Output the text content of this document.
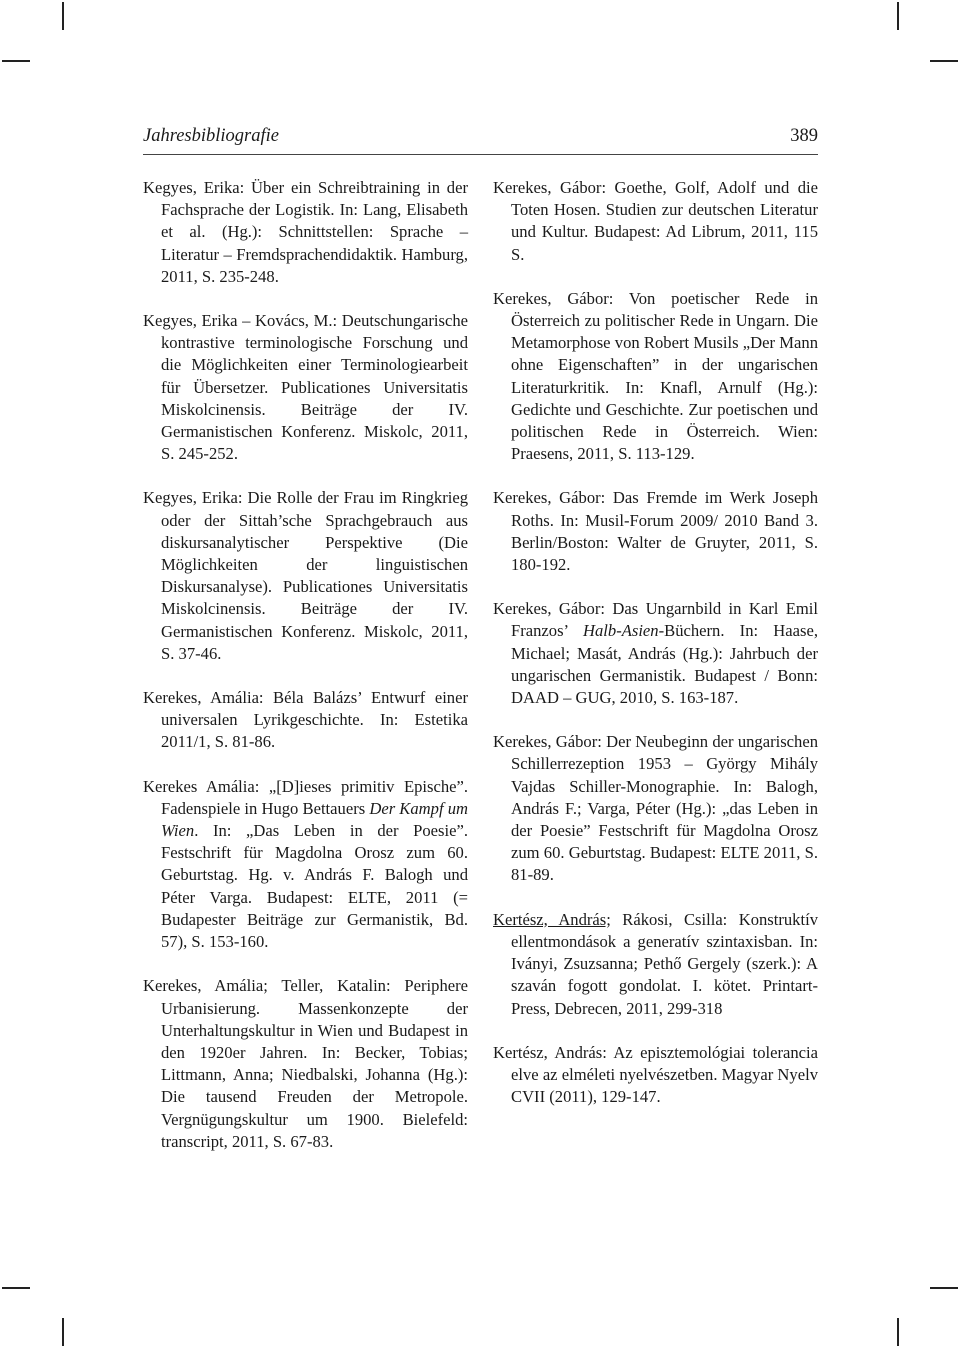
Jahresbibliografie	389

Kegyes, Erika: Über ein Schreibtraining in der Fachsprache der Logistik. In: Lang, Elisabeth et al. (Hg.): Schnittstellen: Sprache – Literatur – Fremdsprachendidaktik. Hamburg, 2011, S. 235-248.

Kegyes, Erika – Kovács, M.: Deutschungarische kontrastive terminologische Forschung und die Möglichkeiten einer Terminologiearbeit für Übersetzer. Publicationes Universitatis Miskolcinensis. Beiträge der IV. Germanistischen Konferenz. Miskolc, 2011, S. 245-252.

Kegyes, Erika: Die Rolle der Frau im Ringkrieg oder der Sittah’sche Sprachgebrauch aus diskursanalytischer Perspektive (Die Möglichkeiten der linguistischen Diskursanalyse). Publicationes Universitatis Miskolcinensis. Beiträge der IV. Germanistischen Konferenz. Miskolc, 2011, S. 37-46.

Kerekes, Amália: Béla Balázs’ Entwurf einer universalen Lyrikgeschichte. In: Estetika 2011/1, S. 81-86.

Kerekes Amália: „[D]ieses primitiv Epische”. Fadenspiele in Hugo Bettauers Der Kampf um Wien. In: „Das Leben in der Poesie”. Festschrift für Magdolna Orosz zum 60. Geburtstag. Hg. v. András F. Balogh und Péter Varga. Budapest: ELTE, 2011 (= Budapester Beiträge zur Germanistik, Bd. 57), S. 153-160.

Kerekes, Amália; Teller, Katalin: Periphere Urbanisierung. Massenkonzepte der Unterhaltungskultur in Wien und Budapest in den 1920er Jahren. In: Becker, Tobias; Littmann, Anna; Niedbalski, Johanna (Hg.): Die tausend Freuden der Metropole. Vergnügungskultur um 1900. Bielefeld: transcript, 2011, S. 67-83.

Kerekes, Gábor: Goethe, Golf, Adolf und die Toten Hosen. Studien zur deutschen Literatur und Kultur. Budapest: Ad Librum, 2011, 115 S.

Kerekes, Gábor: Von poetischer Rede in Österreich zu politischer Rede in Ungarn. Die Metamorphose von Robert Musils „Der Mann ohne Eigenschaften” in der ungarischen Literaturkritik. In: Knafl, Arnulf (Hg.): Gedichte und Geschichte. Zur poetischen und politischen Rede in Österreich. Wien: Praesens, 2011, S. 113-129.

Kerekes, Gábor: Das Fremde im Werk Joseph Roths. In: Musil-Forum 2009/ 2010 Band 3. Berlin/Boston: Walter de Gruyter, 2011, S. 180-192.

Kerekes, Gábor: Das Ungarnbild in Karl Emil Franzos’ Halb-Asien-Büchern. In: Haase, Michael; Masát, András (Hg.): Jahrbuch der ungarischen Germanistik. Budapest / Bonn: DAAD – GUG, 2010, S. 163-187.

Kerekes, Gábor: Der Neubeginn der ungarischen Schillerrezeption 1953 – György Mihály Vajdas Schiller-Monographie. In: Balogh, András F.; Varga, Péter (Hg.): „das Leben in der Poesie” Festschrift für Magdolna Orosz zum 60. Geburtstag. Budapest: ELTE 2011, S. 81-89.

Kertész, András; Rákosi, Csilla: Konstruktív ellentmondások a generatív szintaxisban. In: Iványi, Zsuzsanna; Pethő Gergely (szerk.): A szaván fogott gondolat. I. kötet. Printart-Press, Debrecen, 2011, 299-318

Kertész, András: Az episztemológiai tolerancia elve az elméleti nyelvészetben. Magyar Nyelv CVII (2011), 129-147.
